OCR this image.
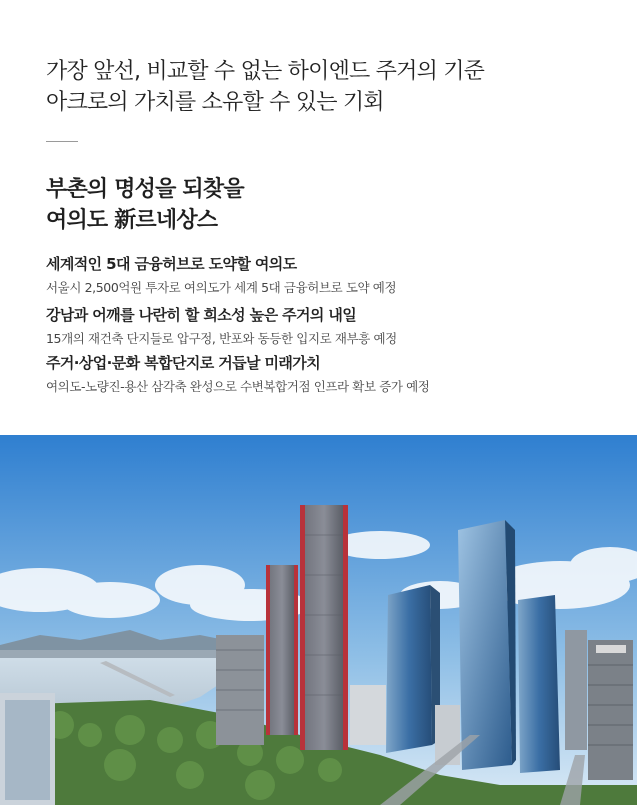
가장 앞선, 비교할 수 없는 하이엔드 주거의 기준
아크로의 가치를 소유할 수 있는 기회
부촌의 명성을 되찾을
여의도 新르네상스
세계적인 5대 금융허브로 도약할 여의도
서울시 2,500억원 투자로 여의도가 세계 5대 금융허브로 도약 예정
강남과 어깨를 나란히 할 희소성 높은 주거의 내일
15개의 재건축 단지들로 압구정, 반포와 동등한 입지로 재부흥 예정
주거·상업·문화 복합단지로 거듭날 미래가치
여의도-노량진-용산 삼각축 완성으로 수변복합거점 인프라 확보 증가 예정
